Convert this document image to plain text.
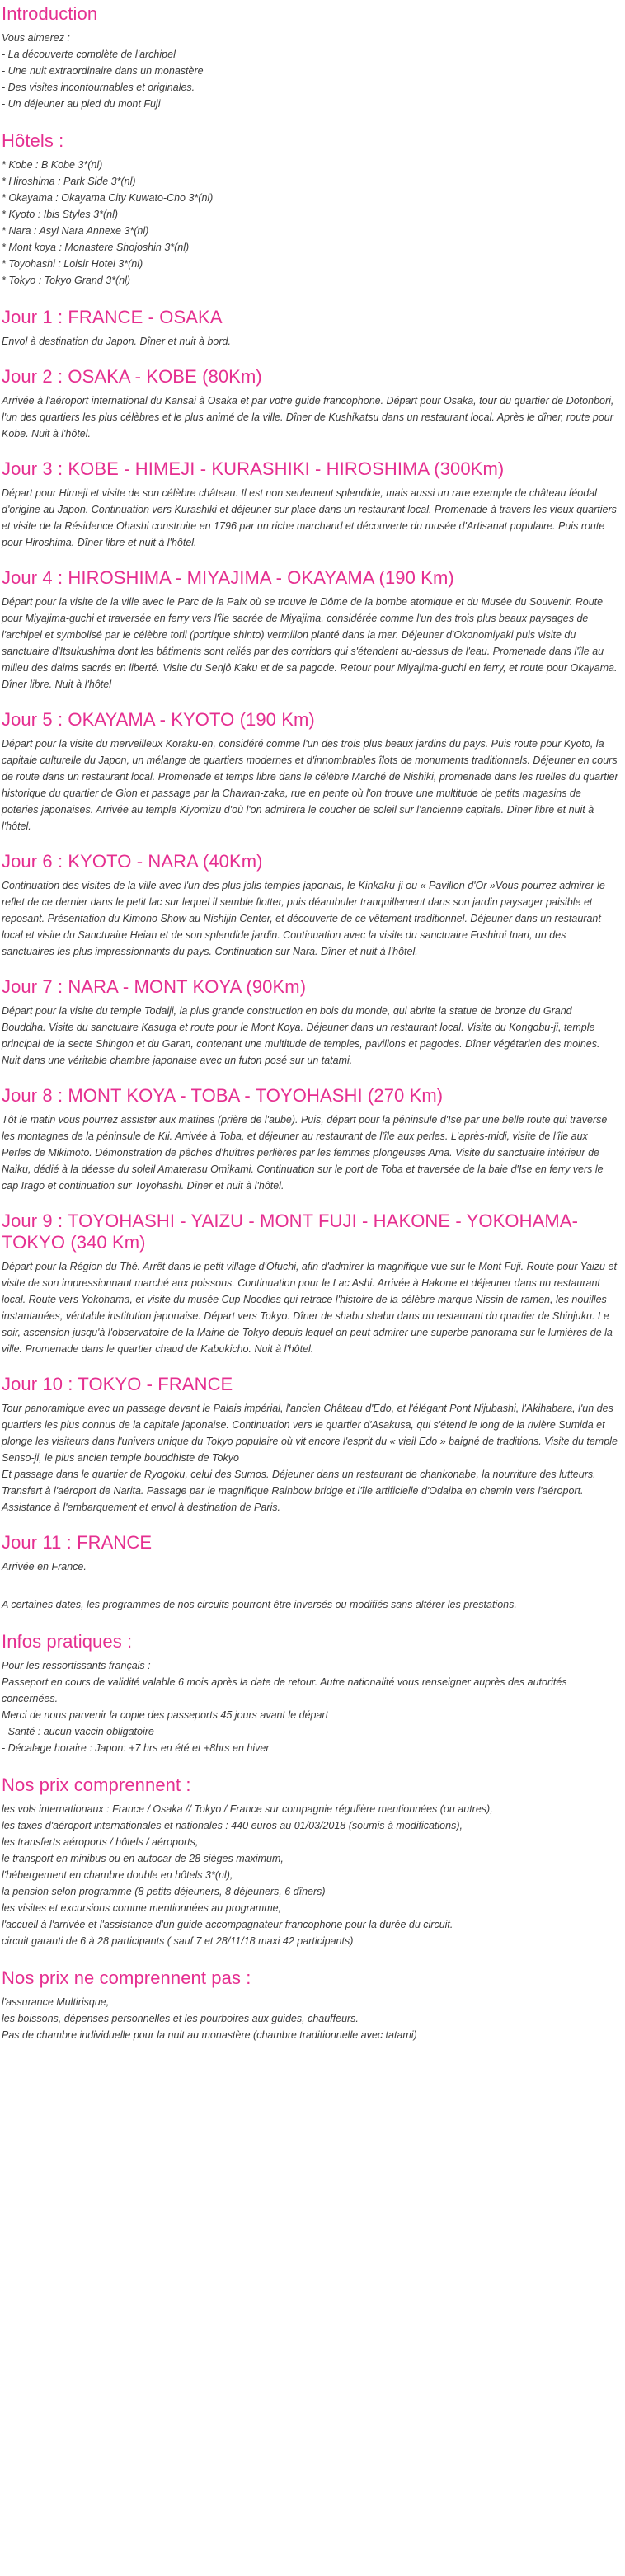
Introduction
Vous aimerez :
- La découverte complète de l'archipel
- Une nuit extraordinaire dans un monastère
- Des visites incontournables et originales.
- Un déjeuner au pied du mont Fuji
Hôtels :
* Kobe : B Kobe 3*(nl)
* Hiroshima : Park Side 3*(nl)
* Okayama : Okayama City Kuwato-Cho 3*(nl)
* Kyoto : Ibis Styles 3*(nl)
* Nara : Asyl Nara Annexe 3*(nl)
* Mont koya : Monastere Shojoshin 3*(nl)
* Toyohashi : Loisir Hotel 3*(nl)
* Tokyo : Tokyo Grand 3*(nl)
Jour 1 : FRANCE - OSAKA
Envol à destination du Japon. Dîner et nuit à bord.
Jour 2 : OSAKA - KOBE (80Km)
Arrivée à l'aéroport international du Kansai à Osaka et par votre guide francophone. Départ pour Osaka, tour du quartier de Dotonbori, l'un des quartiers les plus célèbres et le plus animé de la ville. Dîner de Kushikatsu dans un restaurant local. Après le dîner, route pour Kobe. Nuit à l'hôtel.
Jour 3 : KOBE - HIMEJI - KURASHIKI - HIROSHIMA (300Km)
Départ pour Himeji et visite de son célèbre château. Il est non seulement splendide, mais aussi un rare exemple de château féodal d'origine au Japon. Continuation vers Kurashiki et déjeuner sur place dans un restaurant local. Promenade à travers les vieux quartiers et visite de la Résidence Ohashi construite en 1796 par un riche marchand et découverte du musée d'Artisanat populaire. Puis route pour Hiroshima. Dîner libre et nuit à l'hôtel.
Jour 4 : HIROSHIMA - MIYAJIMA - OKAYAMA (190 Km)
Départ pour la visite de la ville avec le Parc de la Paix où se trouve le Dôme de la bombe atomique et du Musée du Souvenir. Route pour Miyajima-guchi et traversée en ferry vers l'île sacrée de Miyajima, considérée comme l'un des trois plus beaux paysages de l'archipel et symbolisé par le célèbre torii (portique shinto) vermillon planté dans la mer. Déjeuner d'Okonomiyaki puis visite du sanctuaire d'Itsukushima dont les bâtiments sont reliés par des corridors qui s'étendent au-dessus de l'eau. Promenade dans l'île au milieu des daims sacrés en liberté. Visite du Senjô Kaku et de sa pagode. Retour pour Miyajima-guchi en ferry, et route pour Okayama. Dîner libre. Nuit à l'hôtel
Jour 5 : OKAYAMA - KYOTO (190 Km)
Départ pour la visite du merveilleux Koraku-en, considéré comme l'un des trois plus beaux jardins du pays. Puis route pour Kyoto, la capitale culturelle du Japon, un mélange de quartiers modernes et d'innombrables îlots de monuments traditionnels. Déjeuner en cours de route dans un restaurant local. Promenade et temps libre dans le célèbre Marché de Nishiki, promenade dans les ruelles du quartier historique du quartier de Gion et passage par la Chawan-zaka, rue en pente où l'on trouve une multitude de petits magasins de poteries japonaises. Arrivée au temple Kiyomizu d'où l'on admirera le coucher de soleil sur l'ancienne capitale. Dîner libre et nuit à l'hôtel.
Jour 6 : KYOTO - NARA (40Km)
Continuation des visites de la ville avec l'un des plus jolis temples japonais, le Kinkaku-ji ou « Pavillon d'Or »Vous pourrez admirer le reflet de ce dernier dans le petit lac sur lequel il semble flotter, puis déambuler tranquillement dans son jardin paysager paisible et reposant. Présentation du Kimono Show au Nishijin Center, et découverte de ce vêtement traditionnel. Déjeuner dans un restaurant local et visite du Sanctuaire Heian et de son splendide jardin. Continuation avec la visite du sanctuaire Fushimi Inari, un des sanctuaires les plus impressionnants du pays. Continuation sur Nara. Dîner et nuit à l'hôtel.
Jour 7 : NARA - MONT KOYA (90Km)
Départ pour la visite du temple Todaiji, la plus grande construction en bois du monde, qui abrite la statue de bronze du Grand Bouddha. Visite du sanctuaire Kasuga et route pour le Mont Koya. Déjeuner dans un restaurant local. Visite du Kongobu-ji, temple principal de la secte Shingon et du Garan, contenant une multitude de temples, pavillons et pagodes. Dîner végétarien des moines. Nuit dans une véritable chambre japonaise avec un futon posé sur un tatami.
Jour 8 : MONT KOYA - TOBA - TOYOHASHI (270 Km)
Tôt le matin vous pourrez assister aux matines (prière de l'aube). Puis, départ pour la péninsule d'Ise par une belle route qui traverse les montagnes de la péninsule de Kii. Arrivée à Toba, et déjeuner au restaurant de l'île aux perles. L'après-midi, visite de l'île aux Perles de Mikimoto. Démonstration de pêches d'huîtres perlières par les femmes plongeuses Ama. Visite du sanctuaire intérieur de Naiku, dédié à la déesse du soleil Amaterasu Omikami. Continuation sur le port de Toba et traversée de la baie d'Ise en ferry vers le cap Irago et continuation sur Toyohashi. Dîner et nuit à l'hôtel.
Jour 9 : TOYOHASHI - YAIZU - MONT FUJI - HAKONE - YOKOHAMA-TOKYO (340 Km)
Départ pour la Région du Thé. Arrêt dans le petit village d'Ofuchi, afin d'admirer la magnifique vue sur le Mont Fuji. Route pour Yaizu et visite de son impressionnant marché aux poissons. Continuation pour le Lac Ashi. Arrivée à Hakone et déjeuner dans un restaurant local. Route vers Yokohama, et visite du musée Cup Noodles qui retrace l'histoire de la célèbre marque Nissin de ramen, les nouilles instantanées, véritable institution japonaise. Départ vers Tokyo. Dîner de shabu shabu dans un restaurant du quartier de Shinjuku. Le soir, ascension jusqu'à l'observatoire de la Mairie de Tokyo depuis lequel on peut admirer une superbe panorama sur le lumières de la ville. Promenade dans le quartier chaud de Kabukicho. Nuit à l'hôtel.
Jour 10 : TOKYO - FRANCE
Tour panoramique avec un passage devant le Palais impérial, l'ancien Château d'Edo, et l'élégant Pont Nijubashi, l'Akihabara, l'un des quartiers les plus connus de la capitale japonaise. Continuation vers le quartier d'Asakusa, qui s'étend le long de la rivière Sumida et plonge les visiteurs dans l'univers unique du Tokyo populaire où vit encore l'esprit du « vieil Edo » baigné de traditions. Visite du temple Senso-ji, le plus ancien temple bouddhiste de Tokyo
Et passage dans le quartier de Ryogoku, celui des Sumos. Déjeuner dans un restaurant de chankonabe, la nourriture des lutteurs. Transfert à l'aéroport de Narita. Passage par le magnifique Rainbow bridge et l'île artificielle d'Odaiba en chemin vers l'aéroport. Assistance à l'embarquement et envol à destination de Paris.
Jour 11 : FRANCE
Arrivée en France.
A certaines dates, les programmes de nos circuits pourront être inversés ou modifiés sans altérer les prestations.
Infos pratiques :
Pour les ressortissants français :
Passeport en cours de validité valable 6 mois après la date de retour. Autre nationalité vous renseigner auprès des autorités concernées.
Merci de nous parvenir la copie des passeports 45 jours avant le départ
- Santé : aucun vaccin obligatoire
- Décalage horaire : Japon: +7 hrs en été et +8hrs en hiver
Nos prix comprennent :
les vols internationaux : France / Osaka // Tokyo / France sur compagnie régulière mentionnées (ou autres),
les taxes d'aéroport internationales et nationales : 440 euros au 01/03/2018 (soumis à modifications),
les transferts aéroports / hôtels / aéroports,
le transport en minibus ou en autocar de 28 sièges maximum,
l'hébergement en chambre double en hôtels 3*(nl),
la pension selon programme (8 petits déjeuners, 8 déjeuners, 6 dîners)
les visites et excursions comme mentionnées au programme,
l'accueil à l'arrivée et l'assistance d'un guide accompagnateur francophone pour la durée du circuit.
circuit garanti de 6 à 28 participants ( sauf 7 et 28/11/18 maxi 42 participants)
Nos prix ne comprennent pas :
l'assurance Multirisque,
les boissons, dépenses personnelles et les pourboires aux guides, chauffeurs.
Pas de chambre individuelle pour la nuit au monastère (chambre traditionnelle avec tatami)
